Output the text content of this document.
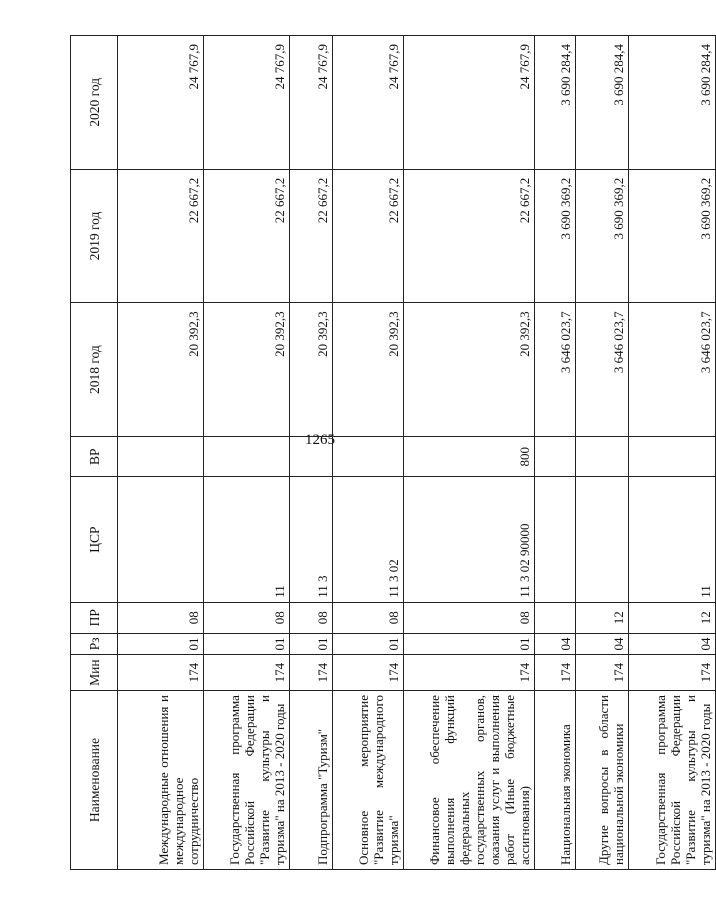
1265
Наименование	Мин	Рз	ПР	ЦСР	ВР	2018 год	2019 год	2020 год
Международные отношения и международное сотрудничество	174	01	08			20 392,3	22 667,2	24 767,9
Государственная программа Российской Федерации "Развитие культуры и туризма" на 2013 - 2020 годы	174	01	08	11		20 392,3	22 667,2	24 767,9
Подпрограмма "Туризм"	174	01	08	11 3		20 392,3	22 667,2	24 767,9
Основное мероприятие "Развитие международного туризма"	174	01	08	11 3 02		20 392,3	22 667,2	24 767,9
Финансовое обеспечение выполнения функций федеральных государственных органов, оказания услуг и выполнения работ (Иные бюджетные ассигнования)	174	01	08	11 3 02 90000	800	20 392,3	22 667,2	24 767,9
Национальная экономика	174	04				3 646 023,7	3 690 369,2	3 690 284,4
Другие вопросы в области национальной экономики	174	04	12			3 646 023,7	3 690 369,2	3 690 284,4
Государственная программа Российской Федерации "Развитие культуры и туризма" на 2013 - 2020 годы	174	04	12	11		3 646 023,7	3 690 369,2	3 690 284,4
